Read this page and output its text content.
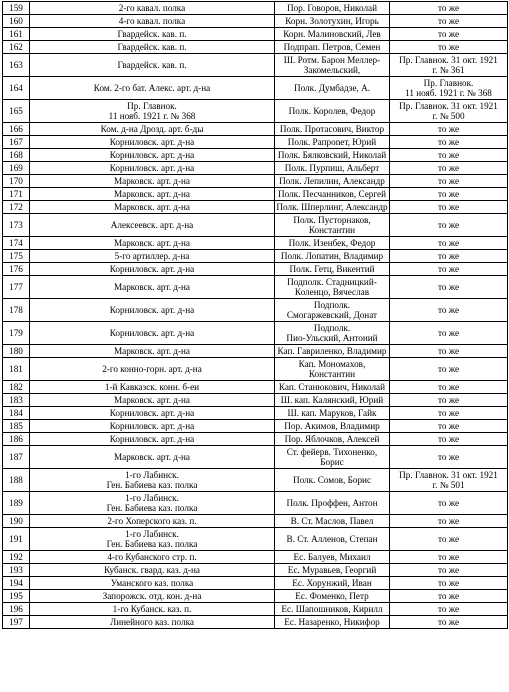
159	2-го кавал. полка	Пор. Говоров, Николай	то же
160	4-го кавал. полка	Корн. Золотухин, Игорь	то же
161	Гвардейск. кав. п.	Корн. Малиновский, Лев	то же
162	Гвардейск. кав. п.	Подпрап. Петров, Семен	то же
163	Гвардейск. кав. п.	Ш. Ротм. Барон Меллер-
Закомельский,	Пр. Главнок. 31 окт. 1921
г. № 361
164	Ком. 2-го бат. Алекс. арт. д-на	Полк. Думбадзе, А.	Пр. Главнок.
11 нояб. 1921 г. № 368
165	Пр. Главнок.
11 нояб. 1921 г. № 368	Полк. Королев, Федор	Пр. Главнок. 31 окт. 1921
г. № 500
166	Ком. д-на Дрозд. арт. б-ды	Полк. Протасович, Виктор	то же
167	Корниловск. арт. д-на	Полк. Рапponет, Юрий	то же
168	Корниловск. арт. д-на	Полк. Бялковский, Николай	то же
169	Корниловск. арт. д-на	Полк. Пурпиш, Альберт	то же
170	Марковск. арт. д-на	Полк. Лепилин, Александр	то же
171	Марковск. арт. д-на	Полк. Песчанников, Сергей	то же
172	Марковск. арт. д-на	Полк. Шперлинг, Александр	то же
173	Алексеевск. арт. д-на	Полк. Пусторнаков,
Константин	то же
174	Марковск. арт. д-на	Полк. Изенбек, Федор	то же
175	5-го артиллер. д-на	Полк. Лопатин, Владимир	то же
176	Корниловск. арт. д-на	Полк. Гетц, Викентий	то же
177	Марковск. арт. д-на	Подполк. Стадницкий-
Коленцо, Вячеслав	то же
178	Корниловск. арт. д-на	Подполк.
Смогаржевский, Донат	то же
179	Корниловск. арт. д-на	Подполк.
Пио-Ульский, Антоний	то же
180	Марковск. арт. д-на	Кап. Гавриленко, Владимир	то же
181	2-го конно-горн. арт. д-на	Кап. Мономахов,
Константин	то же
182	1-й Кавказск. конн. б-еи	Кап. Станюкович, Николай	то же
183	Марковск. арт. д-на	Ш. кап. Калянский, Юрий	то же
184	Корниловск. арт. д-на	Ш. кап. Маруков, Гайк	то же
185	Корниловск. арт. д-на	Пор. Акимов, Владимир	то же
186	Корниловск. арт. д-на	Пор. Яблочков, Алексей	то же
187	Марковск. арт. д-на	Ст. фейерв. Тихоненко,
Борис	то же
188	1-го Лабинск.
Ген. Бабиева каз. полка	Полк. Сомов, Борис	Пр. Главнок. 31 окт. 1921
г. № 501
189	1-го Лабинск.
Ген. Бабиева каз. полка	Полк. Проффен, Антон	то же
190	2-го Хоперского каз. п.	В. Ст. Маслов, Павел	то же
191	1-го Лабинск.
Ген. Бабиева каз. полка	В. Ст. Алленов, Степан	то же
192	4-го Кубанского стр. п.	Ес. Балуев, Михаил	то же
193	Кубанск. гвард. каз. д-на	Ес. Муравьев, Георгий	то же
194	Уманского каз. полка	Ес. Хорунжий, Иван	то же
195	Запорожск. отд. кон. д-на	Ес. Фоменко, Петр	то же
196	1-го Кубанск. каз. п.	Ес. Шапошников, Кирилл	то же
197	Линейного каз. полка	Ес. Назаренко, Никифор	то же
